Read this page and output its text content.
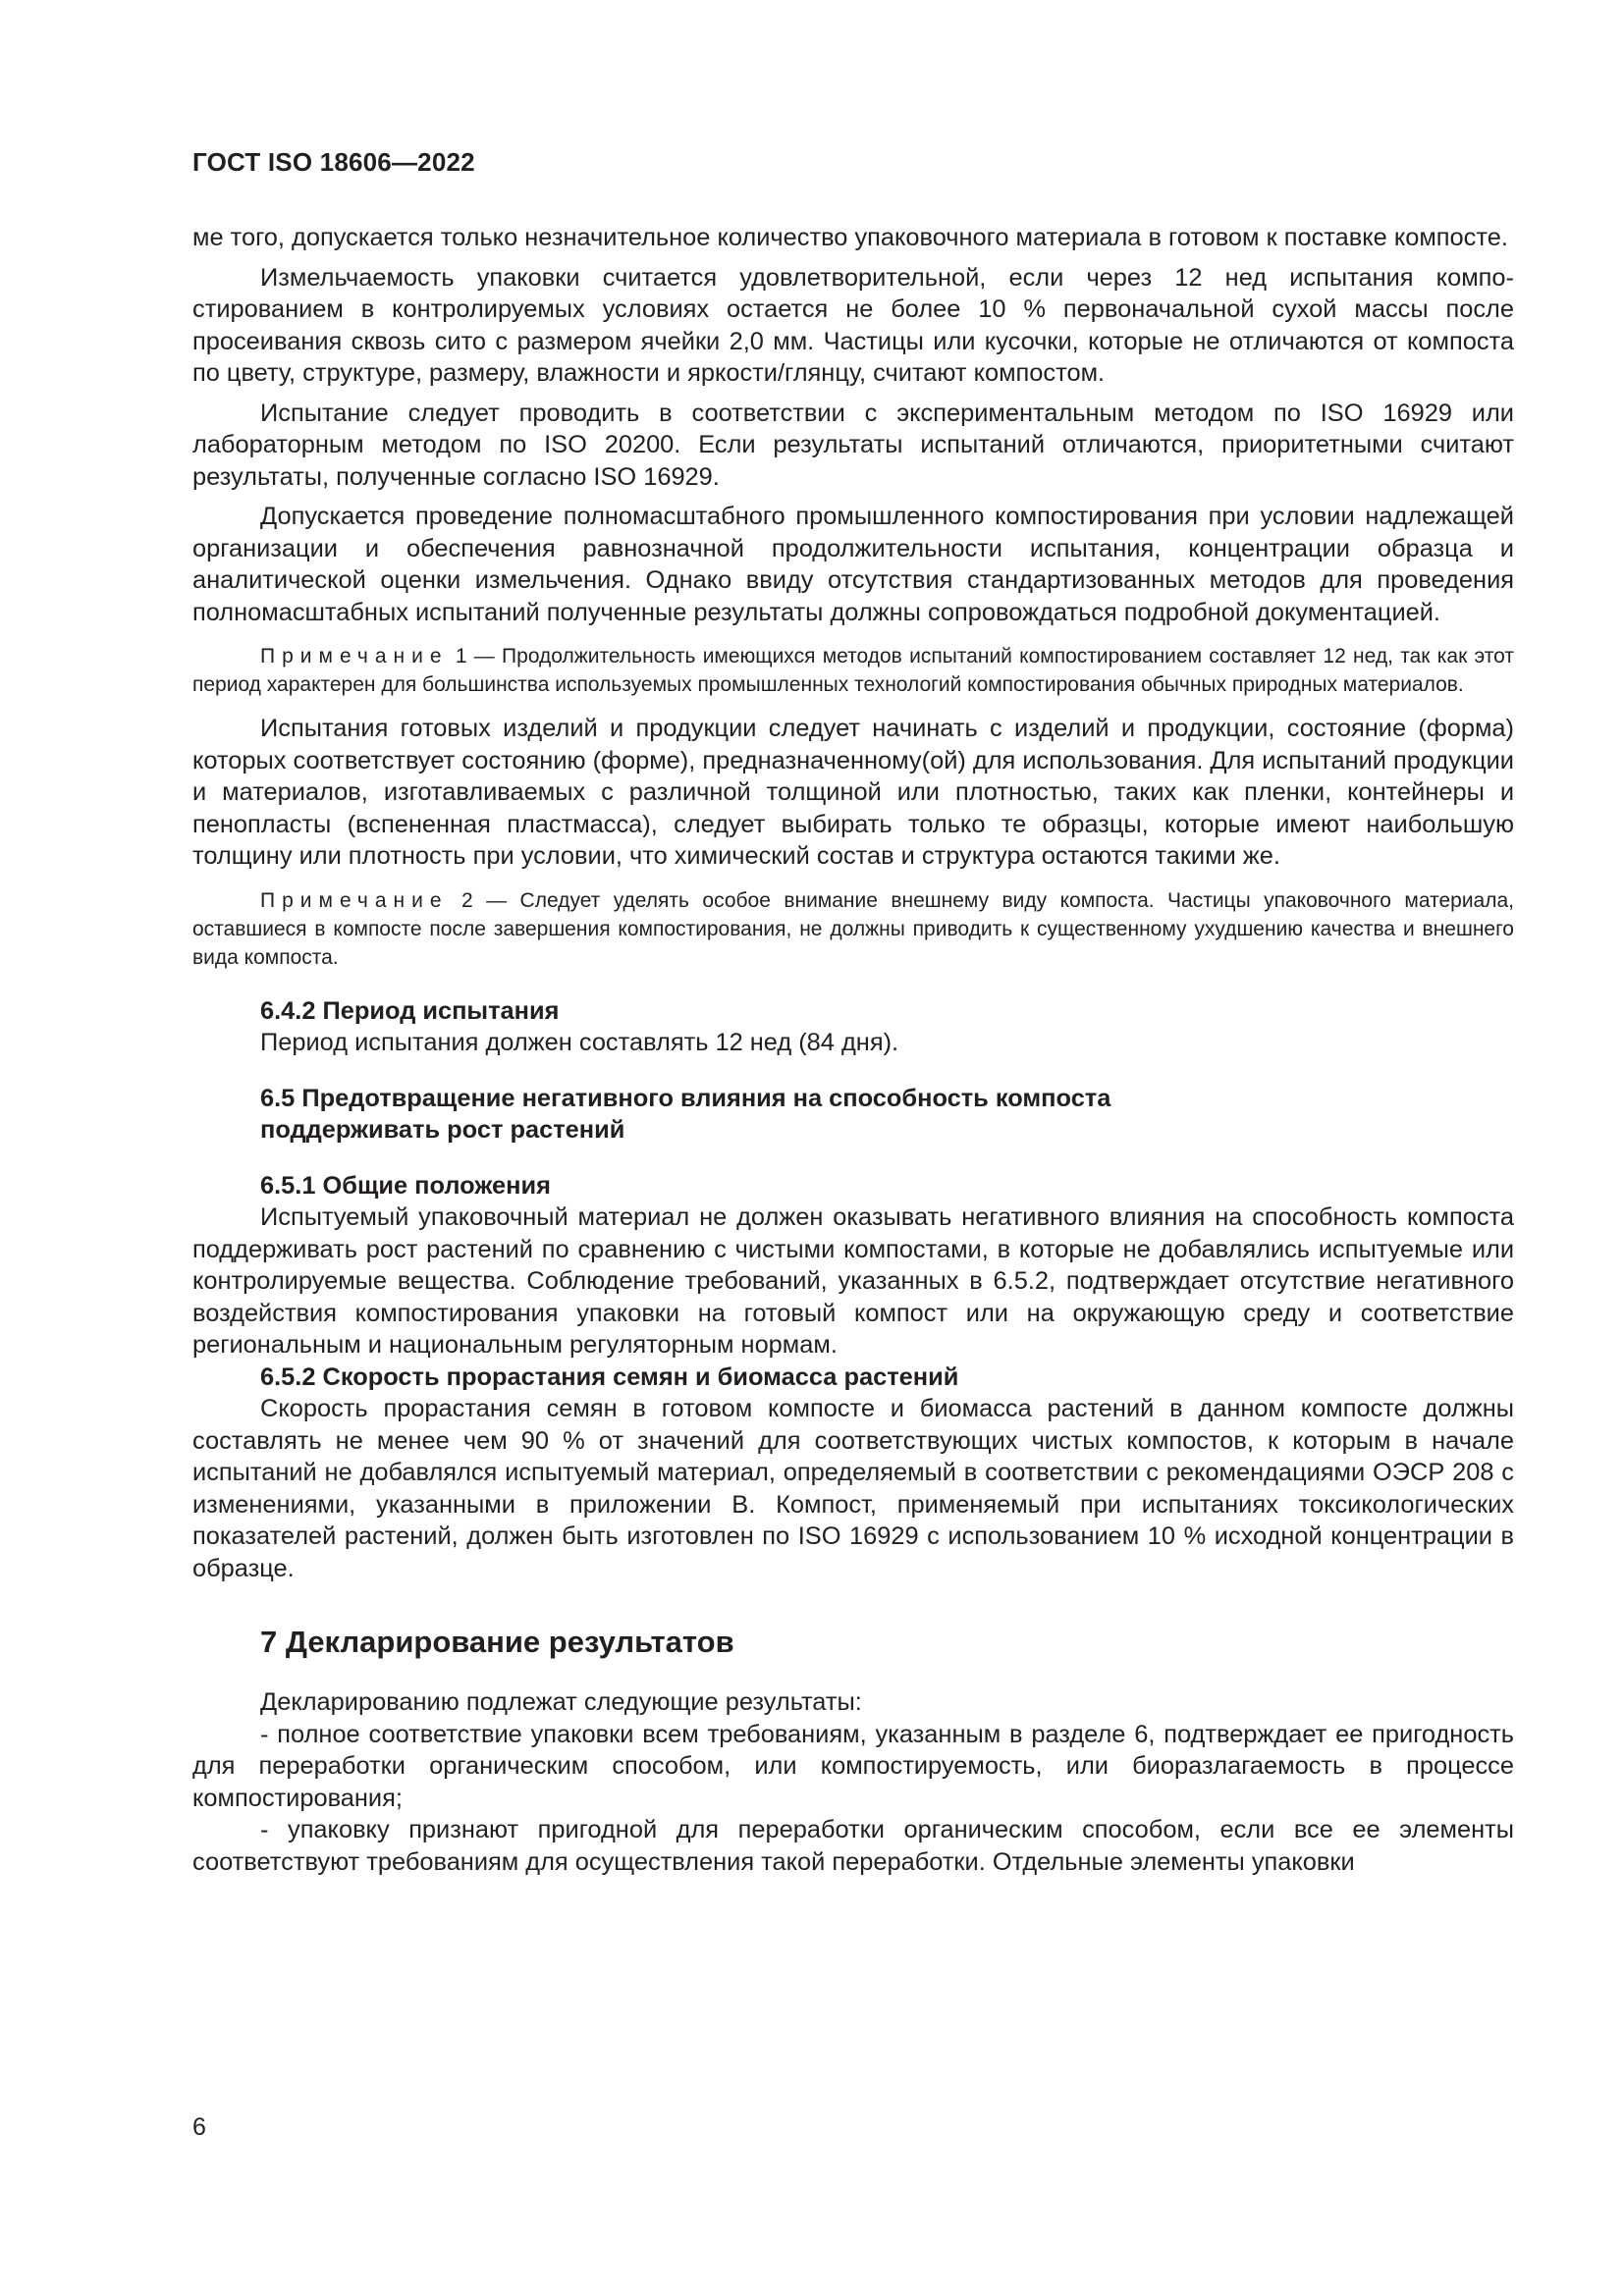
ГОСТ ISO 18606—2022

ме того, допускается только незначительное количество упаковочного материала в готовом к поставке компосте.

Измельчаемость упаковки считается удовлетворительной, если через 12 нед испытания компостированием в контролируемых условиях остается не более 10 % первоначальной сухой массы после просеивания сквозь сито с размером ячейки 2,0 мм. Частицы или кусочки, которые не отличаются от компоста по цвету, структуре, размеру, влажности и яркости/глянцу, считают компостом.

Испытание следует проводить в соответствии с экспериментальным методом по ISO 16929 или лабораторным методом по ISO 20200. Если результаты испытаний отличаются, приоритетными считают результаты, полученные согласно ISO 16929.

Допускается проведение полномасштабного промышленного компостирования при условии надлежащей организации и обеспечения равнозначной продолжительности испытания, концентрации образца и аналитической оценки измельчения. Однако ввиду отсутствия стандартизованных методов для проведения полномасштабных испытаний полученные результаты должны сопровождаться подробной документацией.

Примечание 1 — Продолжительность имеющихся методов испытаний компостированием составляет 12 нед, так как этот период характерен для большинства используемых промышленных технологий компостирования обычных природных материалов.

Испытания готовых изделий и продукции следует начинать с изделий и продукции, состояние (форма) которых соответствует состоянию (форме), предназначенному(ой) для использования. Для испытаний продукции и материалов, изготавливаемых с различной толщиной или плотностью, таких как пленки, контейнеры и пенопласты (вспененная пластмасса), следует выбирать только те образцы, которые имеют наибольшую толщину или плотность при условии, что химический состав и структура остаются такими же.

Примечание 2 — Следует уделять особое внимание внешнему виду компоста. Частицы упаковочного материала, оставшиеся в компосте после завершения компостирования, не должны приводить к существенному ухудшению качества и внешнего вида компоста.

6.4.2 Период испытания

Период испытания должен составлять 12 нед (84 дня).

6.5 Предотвращение негативного влияния на способность компоста
поддерживать рост растений

6.5.1 Общие положения

Испытуемый упаковочный материал не должен оказывать негативного влияния на способность компоста поддерживать рост растений по сравнению с чистыми компостами, в которые не добавлялись испытуемые или контролируемые вещества. Соблюдение требований, указанных в 6.5.2, подтверждает отсутствие негативного воздействия компостирования упаковки на готовый компост или на окружающую среду и соответствие региональным и национальным регуляторным нормам.

6.5.2 Скорость прорастания семян и биомасса растений

Скорость прорастания семян в готовом компосте и биомасса растений в данном компосте должны составлять не менее чем 90 % от значений для соответствующих чистых компостов, к которым в начале испытаний не добавлялся испытуемый материал, определяемый в соответствии с рекомендациями ОЭСР 208 с изменениями, указанными в приложении В. Компост, применяемый при испытаниях токсикологических показателей растений, должен быть изготовлен по ISO 16929 с использованием 10 % исходной концентрации в образце.

7 Декларирование результатов

Декларированию подлежат следующие результаты:

- полное соответствие упаковки всем требованиям, указанным в разделе 6, подтверждает ее пригодность для переработки органическим способом, или компостируемость, или биоразлагаемость в процессе компостирования;

- упаковку признают пригодной для переработки органическим способом, если все ее элементы соответствуют требованиям для осуществления такой переработки. Отдельные элементы упаковки

6
